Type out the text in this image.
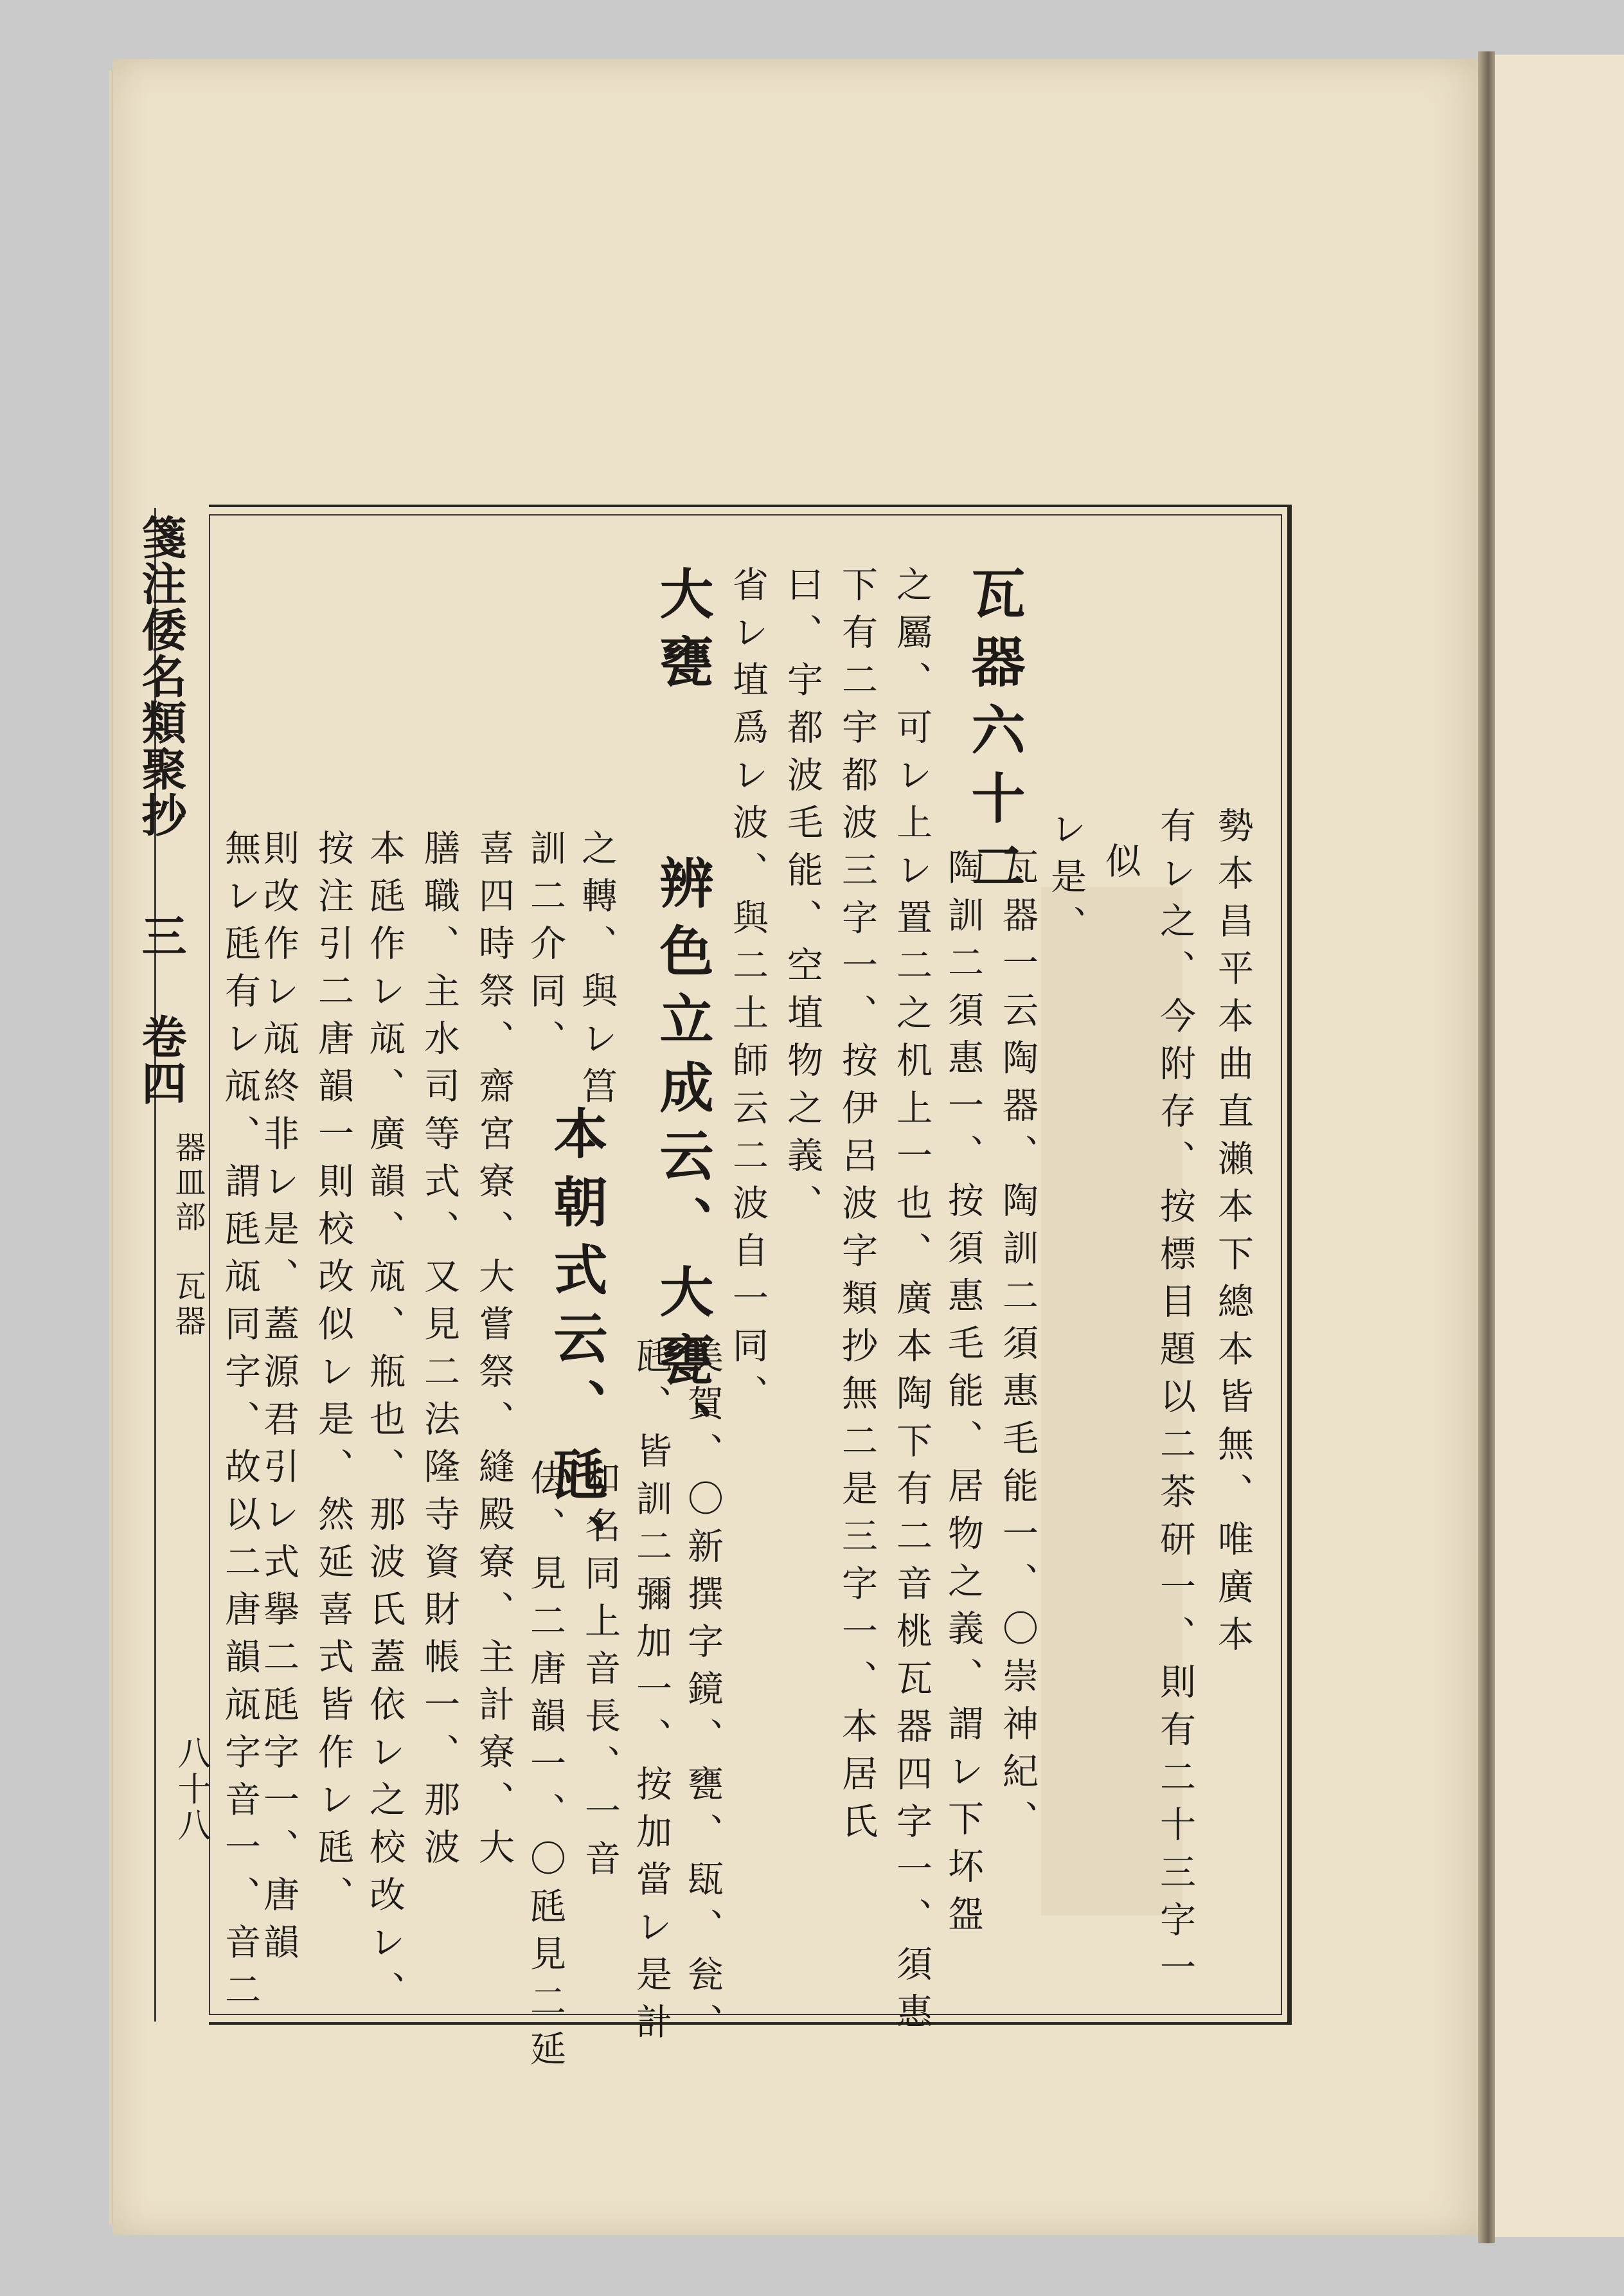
箋注倭名類聚抄
三 卷四
器皿部　瓦器
八十八
勢本昌平本曲直瀨本下總本皆無、唯廣本
有レ之、今附存、按標目題以二茶研一、則有二十三字一
似
レ是、
瓦器六十二
瓦器一云陶器、陶訓二須惠毛能一、〇崇神紀、
陶訓二須惠一、按須惠毛能、居物之義、謂レ下坏盌
之屬、可レ上レ置二之机上一也、廣本陶下有二音桃瓦器四字一、須惠
下有二宇都波三字一、按伊呂波字類抄無二是三字一、本居氏
曰、宇都波毛能、空埴物之義、
省レ埴爲レ波、與二土師云二波自一同、
大甕
辨色立成云、大甕、
美賀、〇新撰字鏡、甕、瓺、瓮、
瓱、皆訓二彌加一、按加當レ是計
之轉、與レ筥
訓二介同、
本朝式云、瓱、
和名同上音長、一音
佉、見二唐韻一、〇瓱見二延
喜四時祭、齋宮寮、大嘗祭、縫殿寮、主計寮、大
膳職、主水司等式、又見二法隆寺資財帳一、那波
本瓱作レ㼚、廣韻、㼚、瓶也、那波氏蓋依レ之校改レ、
按注引二唐韻一則校改似レ是、然延喜式皆作レ瓱、
則改作レ㼚終非レ是、蓋源君引レ式擧二瓱字一、唐韻
無レ瓱有レ㼚、謂瓱㼚同字、故以二唐韻㼚字音一、音二
